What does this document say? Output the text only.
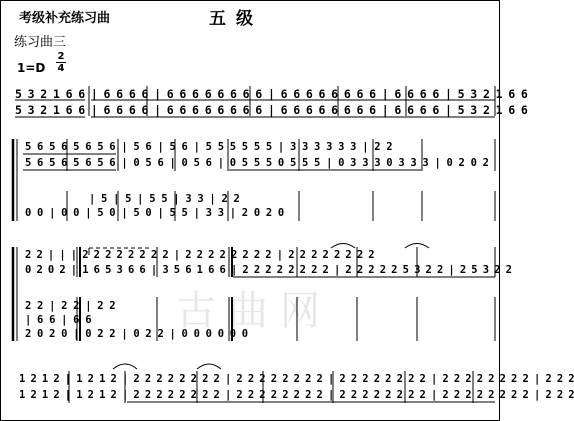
考级补充练习曲	五级
练习曲三
1=D
2
4
古曲网
5 3 2 1 6 6 | 6 6 6 6 | 6 6 6 6 6 6 6 6 | 6 6 6 6 6 6 6 6 | 6 6 6 6 | 5 3 2 1 6 6
5 3 2 1 6 6 | 6 6 6 6 | 6 6 6 6 6 6 6 6 | 6 6 6 6 6 6 6 6 | 6 6 6 6 | 5 3 2 1 6 6
5 6 5 6 5 6 5 6 | 5 6 | 5 6 | 5 5 5 5 5 5 | 3 3 3 3 3 3 | 2 2
5 6 5 6 5 6 5 6 | 0 5 6 | 0 5 6 | 0 5 5 5 0 5 5 5 | 0 3 3 3 0 3 3 3 | 0 2 0 2
| 5 | 5 | 5 5 | 3 3 | 2 2
0 0 | 0 0 | 5 0 | 5 0 | 5 5 | 3 3 | 2 0 2 0
2 2 | | | 2 2 2 2 2 2 2 2 | 2 2 2 2 2 2 2 2 | 2 2 2 2 2 2 2 2
0 2 0 2 | 1 6 5 3 6 6 | 3 5 6 1 6 6 | 2 2 2 2 2 2 2 2 | 2 2 2 2 2 5 3 2 2 | 2 5 3 2 2
2 2 | 2 2 | 2 2
| 6 6 | 6 6
2 0 2 0 | 0 2 2 | 0 2 2 | 0 0 0 0 0 0
1 2 1 2 | 1 2 1 2 | 2 2 2 2 2 2 2 2 | 2 2 2 2 2 2 2 2 | 2 2 2 2 2 2 2 2 | 2 2 2 2 2 2 2 2 | 2 2 2
1 2 1 2 | 1 2 1 2 | 2 2 2 2 2 2 2 2 | 2 2 2 2 2 2 2 2 | 2 2 2 2 2 2 2 2 | 2 2 2 2 2 2 2 2 | 2 2 2
